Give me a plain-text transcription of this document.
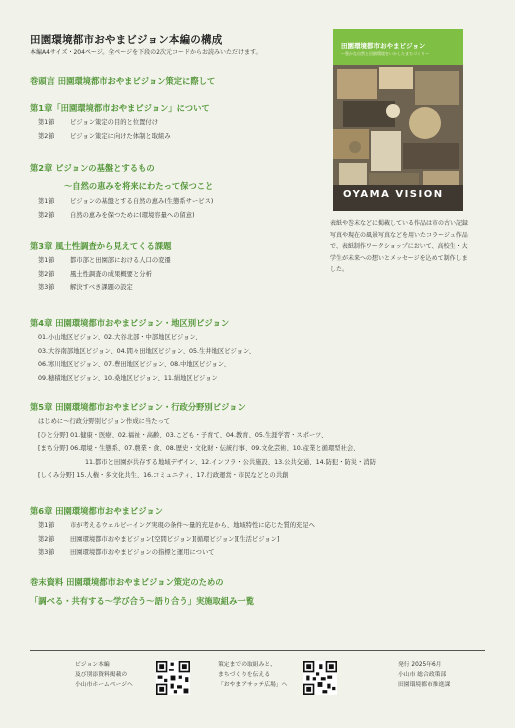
田園環境都市おやまビジョン本編の構成
本編A4サイズ・204ページ。全ページを下段の2次元コードからお読みいただけます。
巻頭言 田園環境都市おやまビジョン策定に際して
第1章「田園環境都市おやまビジョン」について
第1節 ビジョン策定の目的と位置付け
第2節 ビジョン策定に向けた体制と取組み
第2章 ビジョンの基盤とするもの
〜自然の恵みを将来にわたって保つこと
第1節 ビジョンの基盤とする自然の恵み(生態系サービス)
第2節 自然の恵みを保つために(環境容量への留意)
第3章 風土性調査から見えてくる課題
第1節 都市部と田園部における人口の変遷
第2節 風土性調査の成果概要と分析
第3節 解決すべき課題の設定
第4章 田園環境都市おやまビジョン・地区別ビジョン
01.小山地区ビジョン、02.大谷北部・中部地区ビジョン、
03.大谷南部地区ビジョン、04.間々田地区ビジョン、05.生井地区ビジョン、
06.寒川地区ビジョン、07.豊田地区ビジョン、08.中地区ビジョン、
09.穂積地区ビジョン、10.桑地区ビジョン、11.絹地区ビジョン
第5章 田園環境都市おやまビジョン・行政分野別ビジョン
はじめに〜行政分野別ビジョン作成に当たって
[ひと分野] 01.健康・医療、02.福祉・高齢、03.こども・子育て、04.教育、05.生涯学習・スポーツ、
[まち分野] 06.環境・生態系、07.農業・食、08.歴史・文化財・伝統行事、09.文化芸術、10.産業と循環型社会、
11.都市と田園が共存する地域デザイン、12.インフラ・公共施設、13.公共交通、14.防犯・防災・消防
[しくみ分野] 15.人権・多文化共生、16.コミュニティ、17.行政運営・市民などとの共創
第6章 田園環境都市おやまビジョン
第1節 市が考えるウェルビーイング実現の条件〜量的充足から、地域特性に応じた質的充足へ
第2節 田園環境都市おやまビジョン[空間ビジョン][循環ビジョン][生活ビジョン]
第3節 田園環境都市おやまビジョンの指標と運用について
巻末資料 田園環境都市おやまビジョン策定のための
「調べる・共有する〜学び合う〜語り合う」実施取組み一覧
田園環境都市おやまビジョン
〜豊かな自然と田園環境をいかしたまちづくり〜
OYAMA VISION
表紙や巻末などに掲載している作品は市の古い記録写真や現在の風景写真などを用いたコラージュ作品で、表紙制作ワークショップにおいて、高校生・大学生が未来への想いとメッセージを込めて制作しました。
ビジョン本編
及び別添資料掲載の
小山市ホームページへ
策定までの取組みと、
まちづくりを伝える
「おやまアサッテ広場」へ
発行 2025年6月
小山市 総合政策部
田園環境都市推進課
